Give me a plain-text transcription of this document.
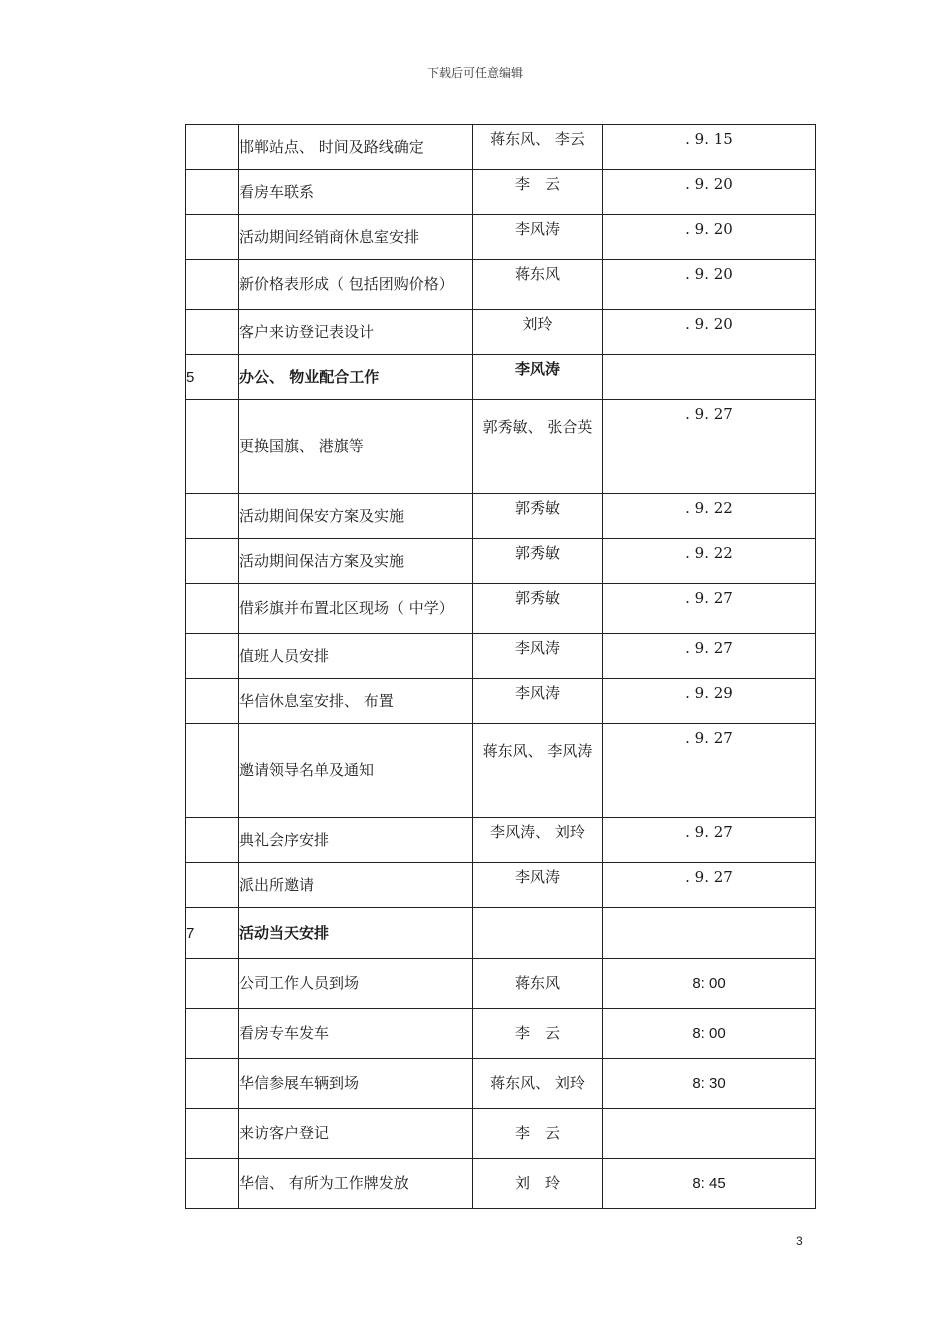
下载后可任意编辑
	邯郸站点、 时间及路线确定	蒋东风、 李云	. 9. 15
	看房车联系	李　云	. 9. 20
	活动期间经销商休息室安排	李风涛	. 9. 20
	新价格表形成（ 包括团购价格）	蒋东风	. 9. 20
	客户来访登记表设计	刘玲	. 9. 20
5	办公、 物业配合工作	李风涛	
	更换国旗、 港旗等	郭秀敏、 张合英	. 9. 27
	活动期间保安方案及实施	郭秀敏	. 9. 22
	活动期间保洁方案及实施	郭秀敏	. 9. 22
	借彩旗并布置北区现场（ 中学）	郭秀敏	. 9. 27
	值班人员安排	李风涛	. 9. 27
	华信休息室安排、 布置	李风涛	. 9. 29
	邀请领导名单及通知	蒋东风、 李风涛	. 9. 27
	典礼会序安排	李风涛、 刘玲	. 9. 27
	派出所邀请	李风涛	. 9. 27
7	活动当天安排		
	公司工作人员到场	蒋东风	8: 00
	看房专车发车	李　云	8: 00
	华信参展车辆到场	蒋东风、 刘玲	8: 30
	来访客户登记	李　云	
	华信、 有所为工作牌发放	刘　玲	8: 45
3
